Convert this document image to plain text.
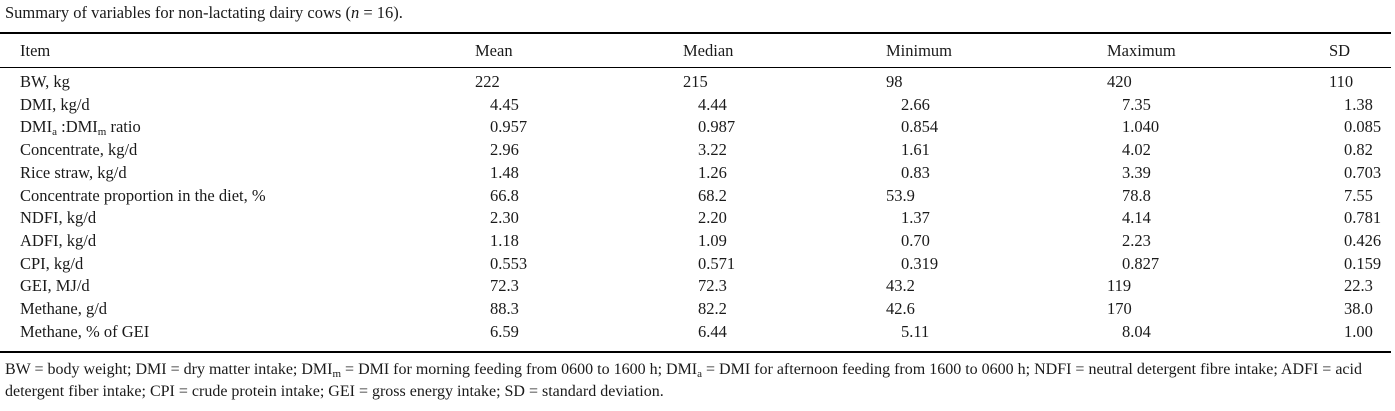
Summary of variables for non-lactating dairy cows (n = 16).
Item	Mean	Median	Minimum	Maximum	SD
BW, kg	222	215	98	420	110
DMI, kg/d	4.45	4.44	2.66	7.35	1.38
$DMI_a$ $:DMI_m$ ratio	0.957	0.987	0.854	1.040	0.085
Concentrate, kg/d	2.96	3.22	1.61	4.02	0.82
Rice straw, kg/d	1.48	1.26	0.83	3.39	0.703
Concentrate proportion in the diet, %	66.8	68.2	53.9	78.8	7.55
NDFI, kg/d	2.30	2.20	1.37	4.14	0.781
ADFI, kg/d	1.18	1.09	0.70	2.23	0.426
CPI, kg/d	0.553	0.571	0.319	0.827	0.159
GEI, MJ/d	72.3	72.3	43.2	119	22.3
Methane, g/d	88.3	82.2	42.6	170	38.0
Methane, % of GEI	6.59	6.44	5.11	8.04	1.00
BW = body weight; DMI = dry matter intake; $DMI_m$ = DMI for morning feeding from 0600 to 1600 h; $DMI_a$ = DMI for afternoon feeding from 1600 to 0600 h; NDFI = neutral detergent fibre intake; ADFI = acid detergent fiber intake; CPI = crude protein intake; GEI = gross energy intake; SD = standard deviation.
